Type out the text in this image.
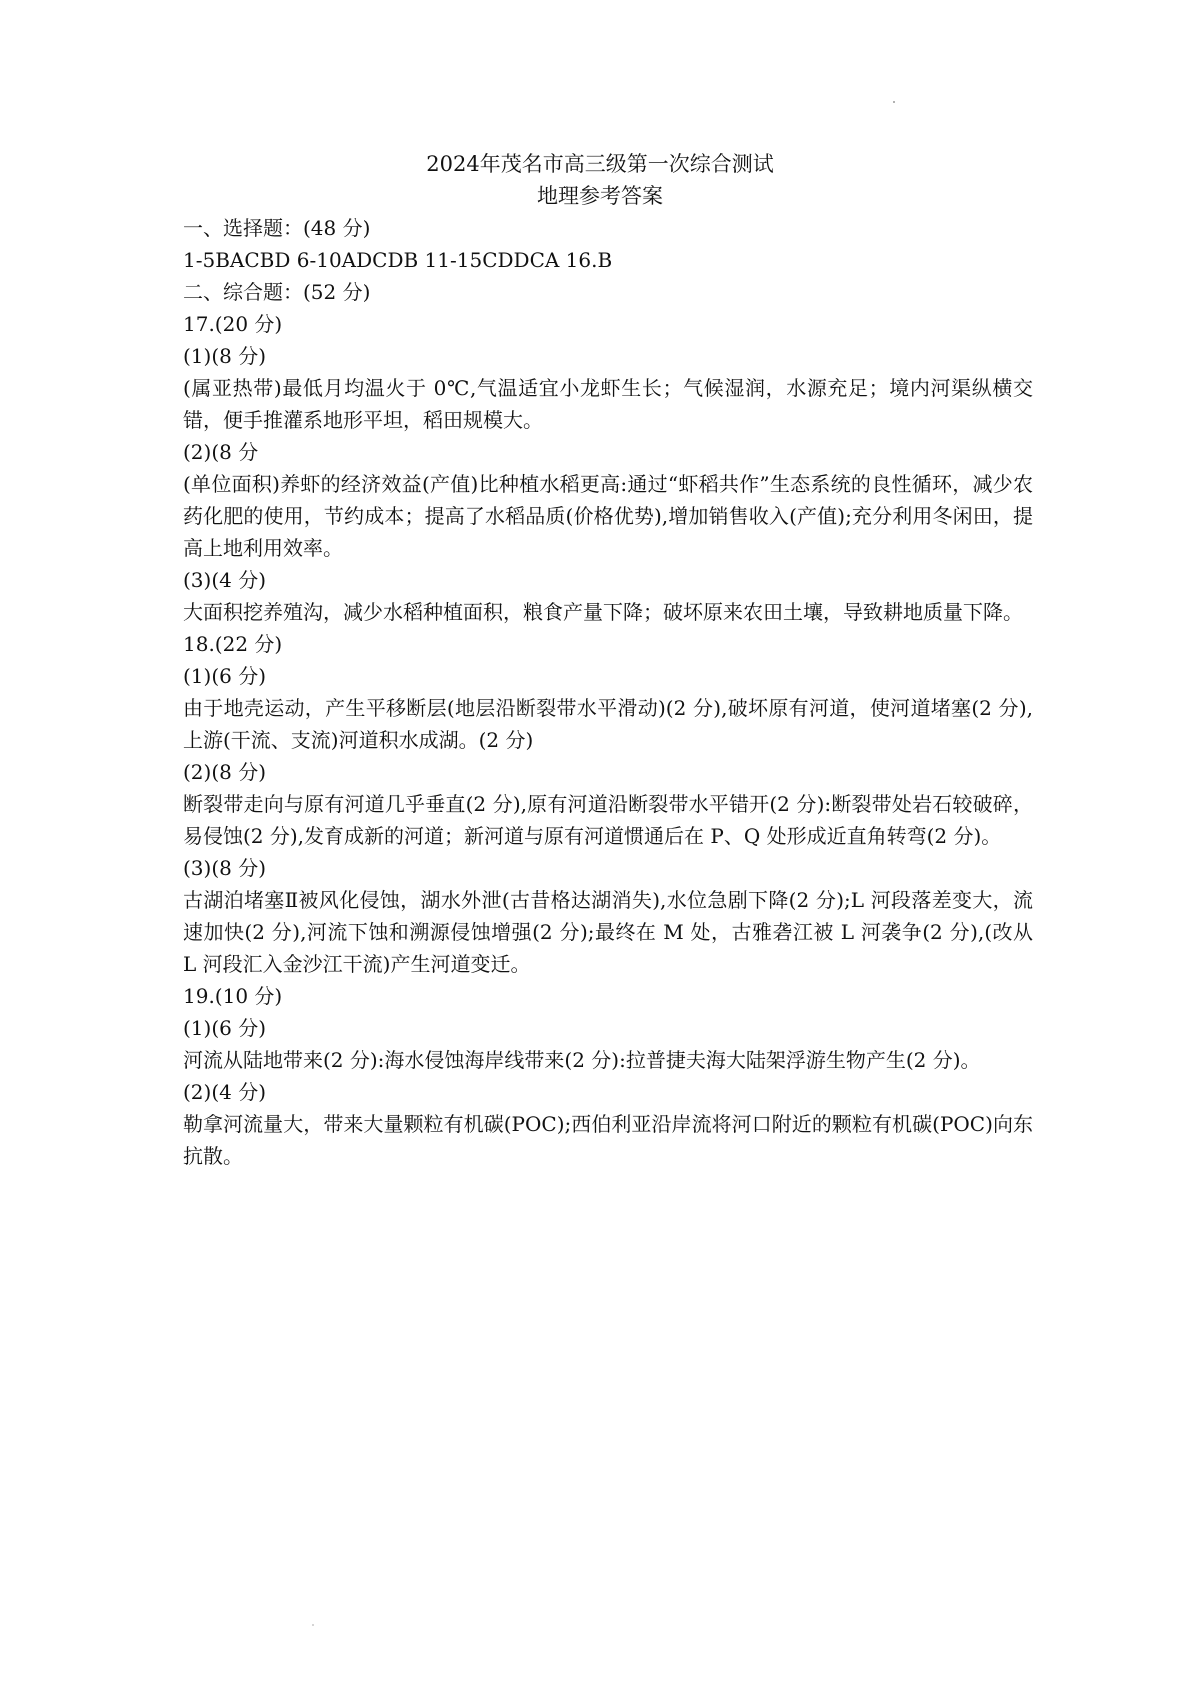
2024年茂名市高三级第一次综合测试
地理参考答案
一、选择题：(48 分)
1-5BACBD 6-10ADCDB 11-15CDDCA 16.B
二、综合题：(52 分)
17.(20 分)
(1)(8 分)
(属亚热带)最低月均温火于 0℃,气温适宜小龙虾生长；气候湿润，水源充足；境内河渠纵横交错，便手推灌系地形平坦，稻田规模大。
(2)(8 分
(单位面积)养虾的经济效益(产值)比种植水稻更高:通过“虾稻共作”生态系统的良性循环，减少农药化肥的使用，节约成本；提高了水稻品质(价格优势),增加销售收入(产值);充分利用冬闲田，提高上地利用效率。
(3)(4 分)
大面积挖养殖沟，减少水稻种植面积，粮食产量下降；破坏原来农田土壤，导致耕地质量下降。
18.(22 分)
(1)(6 分)
由于地壳运动，产生平移断层(地层沿断裂带水平滑动)(2 分),破坏原有河道，使河道堵塞(2 分),上游(干流、支流)河道积水成湖。(2 分)
(2)(8 分)
断裂带走向与原有河道几乎垂直(2 分),原有河道沿断裂带水平错开(2 分):断裂带处岩石较破碎，易侵蚀(2 分),发育成新的河道；新河道与原有河道惯通后在 P、Q 处形成近直角转弯(2 分)。
(3)(8 分)
古湖泊堵塞Ⅱ被风化侵蚀，湖水外泄(古昔格达湖消失),水位急剧下降(2 分);L 河段落差变大，流速加快(2 分),河流下蚀和溯源侵蚀增强(2 分);最终在 M 处，古雅砻江被 L 河袭争(2 分),(改从 L 河段汇入金沙江干流)产生河道变迁。
19.(10 分)
(1)(6 分)
河流从陆地带来(2 分):海水侵蚀海岸线带来(2 分):拉普捷夫海大陆架浮游生物产生(2 分)。
(2)(4 分)
勒拿河流量大，带来大量颗粒有机碳(POC);西伯利亚沿岸流将河口附近的颗粒有机碳(POC)向东抗散。
